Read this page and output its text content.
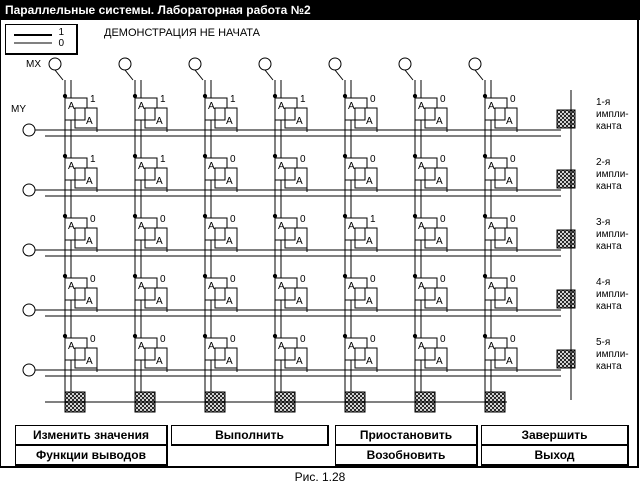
Параллельные системы. Лабораторная работа №2
1
0
ДЕМОНСТРАЦИЯ НЕ НАЧАТА
MX
MY	A
A
1
A
A
1
A
A
1
A
A
1
A
A
0
A
A
0
A
A
0
A
A
1
A
A
1
A
A
0
A
A
0
A
A
0
A
A
0
A
A
0
A
A
0
A
A
0
A
A
0
A
A
0
A
A
1
A
A
0
A
A
0
A
A
0
A
A
0
A
A
0
A
A
0
A
A
0
A
A
0
A
A
0
A
A
0
A
A
0
A
A
0
A
A
0
A
A
0
A
A
0
A
A
0
1-я
импли-
канта
2-я
импли-
канта
3-я
импли-
канта
4-я
импли-
канта
5-я
импли-
канта
Изменить значения	Выполнить	Приостановить	Завершить
Функции выводов	Возобновить	Выход
Рис. 1.28
